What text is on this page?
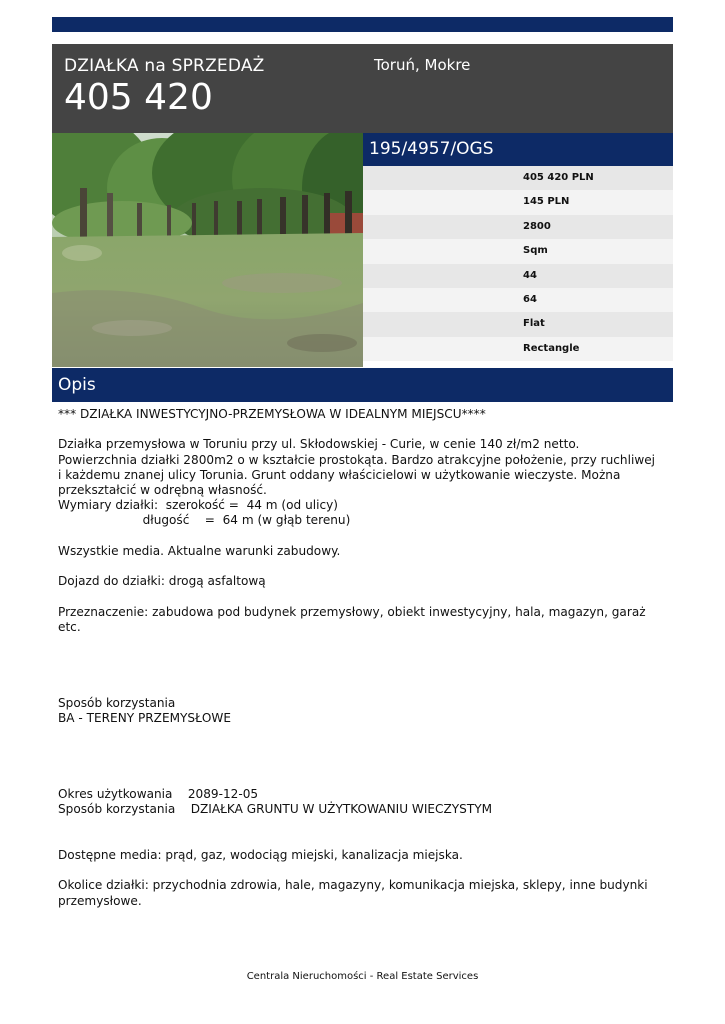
DZIAŁKA na SPRZEDAŻ
405 420
Toruń, Mokre
195/4957/OGS
405 420 PLN
145 PLN
2800
Sqm
44
64
Flat
Rectangle
Opis

*** DZIAŁKA INWESTYCYJNO-PRZEMYSŁOWA W IDEALNYM MIEJSCU****

Działka przemysłowa w Toruniu przy ul. Skłodowskiej - Curie, w cenie 140 zł/m2 netto.

Powierzchnia działki 2800m2 o w kształcie prostokąta. Bardzo atrakcyjne położenie, przy ruchliwej

i każdemu znanej ulicy Torunia. Grunt oddany właścicielowi w użytkowanie wieczyste. Można

przekształcić w odrębną własność.

Wymiary działki:  szerokość =  44 m (od ulicy)

długość    =  64 m (w głąb terenu)

Wszystkie media. Aktualne warunki zabudowy.

Dojazd do działki: drogą asfaltową

Przeznaczenie: zabudowa pod budynek przemysłowy, obiekt inwestycyjny, hala, magazyn, garaż

etc.

Sposób korzystania

BA - TERENY PRZEMYSŁOWE

Okres użytkowania    2089-12-05

Sposób korzystania    DZIAŁKA GRUNTU W UŻYTKOWANIU WIECZYSTYM

Dostępne media: prąd, gaz, wodociąg miejski, kanalizacja miejska.

Okolice działki: przychodnia zdrowia, hale, magazyny, komunikacja miejska, sklepy, inne budynki

przemysłowe.

Centrala Nieruchomości - Real Estate Services
